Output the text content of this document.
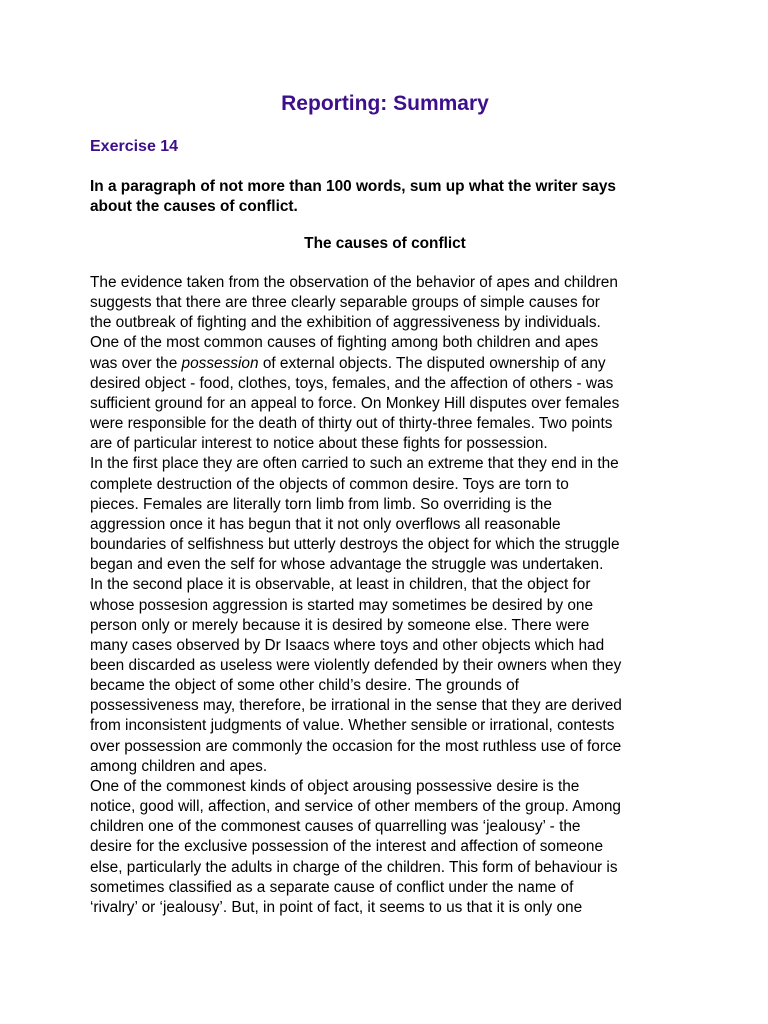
Reporting: Summary
Exercise 14

In a paragraph of not more than 100 words, sum up what the writer says
about the causes of conflict.

The causes of conflict
The evidence taken from the observation of the behavior of apes and children
suggests that there are three clearly separable groups of simple causes for
the outbreak of fighting and the exhibition of aggressiveness by individuals.
One of the most common causes of fighting among both children and apes
was over the possession of external objects. The disputed ownership of any
desired object - food, clothes, toys, females, and the affection of others - was
sufficient ground for an appeal to force. On Monkey Hill disputes over females
were responsible for the death of thirty out of thirty-three females. Two points
are of particular interest to notice about these fights for possession.
In the first place they are often carried to such an extreme that they end in the
complete destruction of the objects of common desire. Toys are torn to
pieces. Females are literally torn limb from limb. So overriding is the
aggression once it has begun that it not only overflows all reasonable
boundaries of selfishness but utterly destroys the object for which the struggle
began and even the self for whose advantage the struggle was undertaken.
In the second place it is observable, at least in children, that the object for
whose possesion aggression is started may sometimes be desired by one
person only or merely because it is desired by someone else. There were
many cases observed by Dr Isaacs where toys and other objects which had
been discarded as useless were violently defended by their owners when they
became the object of some other child’s desire. The grounds of
possessiveness may, therefore, be irrational in the sense that they are derived
from inconsistent judgments of value. Whether sensible or irrational, contests
over possession are commonly the occasion for the most ruthless use of force
among children and apes.
One of the commonest kinds of object arousing possessive desire is the
notice, good will, affection, and service of other members of the group. Among
children one of the commonest causes of quarrelling was ‘jealousy’ - the
desire for the exclusive possession of the interest and affection of someone
else, particularly the adults in charge of the children. This form of behaviour is
sometimes classified as a separate cause of conflict under the name of
‘rivalry’ or ‘jealousy’. But, in point of fact, it seems to us that it is only one
